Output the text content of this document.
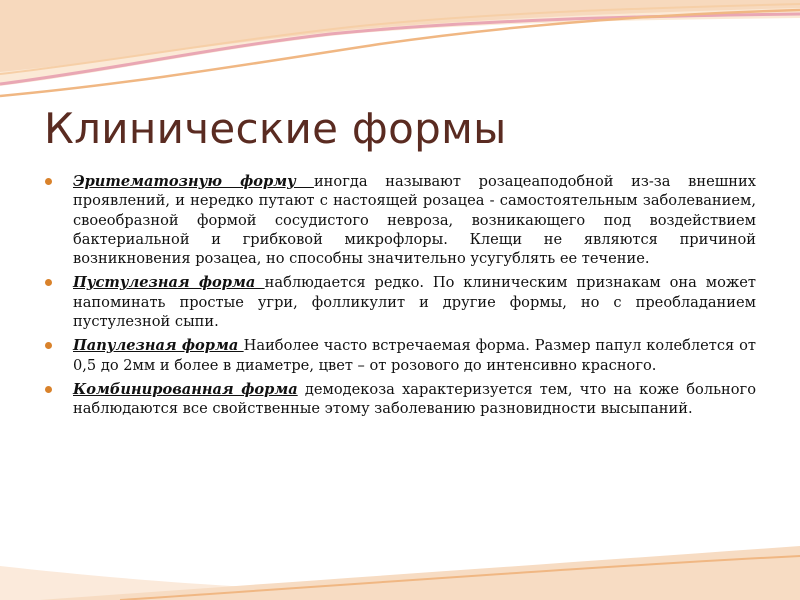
Клинические формы
Эритематозную форму иногда называют розацеаподобной из-за внешних проявлений, и нередко путают с настоящей розацеа - самостоятельным заболеванием, своеобразной формой сосудистого невроза, возникающего под воздействием бактериальной и грибковой микрофлоры. Клещи не являются причиной возникновения розацеа, но способны значительно усугублять ее течение.
Пустулезная форма наблюдается редко. По клиническим признакам она может напоминать простые угри, фолликулит и другие формы, но с преобладанием пустулезной сыпи.
Папулезная форма Наиболее часто встречаемая форма. Размер папул колеблется от 0,5 до 2мм и более в диаметре, цвет – от розового до интенсивно красного.
Комбинированная форма демодекоза характеризуется тем, что на коже больного наблюдаются все свойственные этому заболеванию разновидности высыпаний.
